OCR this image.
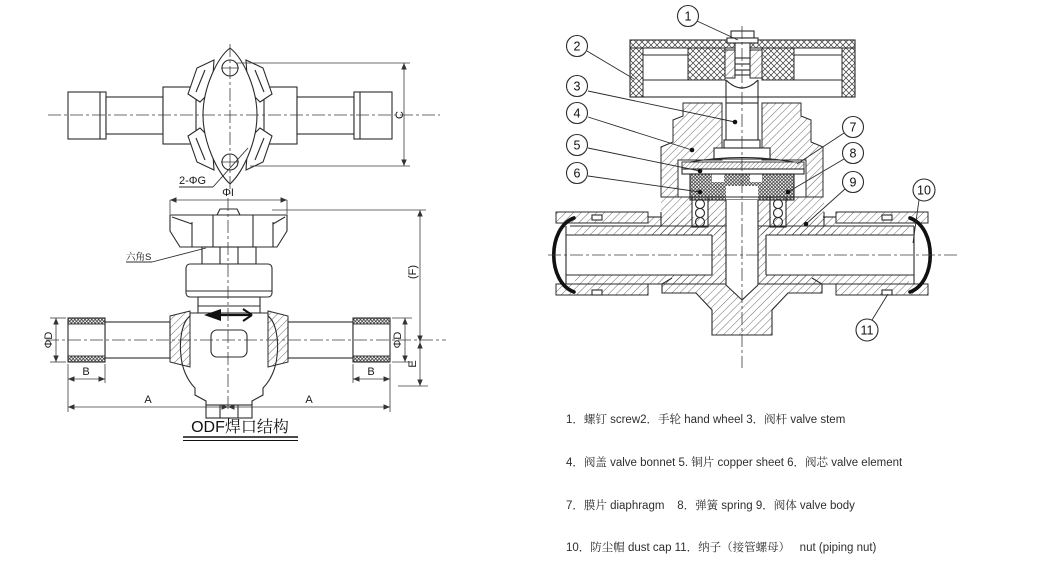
C
2-ΦG
ΦI
六角S
ΦD	ΦD
(F)
E
B	B
A	A
ODF焊口结构
1
2
3
4
5
6
7
8
9
10
11

1．螺钉 screw2．手轮 hand wheel 3．阀杆 valve stem

4．阀盖 valve bonnet 5. 铜片 copper sheet 6．阀芯 valve element

7．膜片 diaphragm    8．弹簧 spring 9．阀体 valve body

10．防尘帽 dust cap 11．纳子（接管螺母）   nut (piping nut)
